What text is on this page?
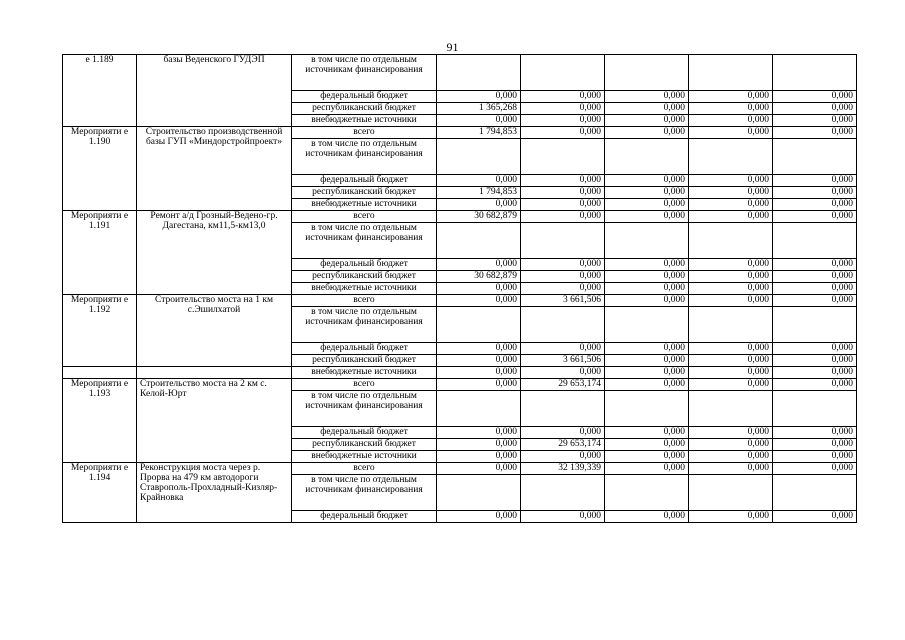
91
е 1.189	базы Веденского ГУДЭП	в том числе по отдельным источникам финансирования					
		федеральный бюджет	0,000	0,000	0,000	0,000	0,000
		республиканский бюджет	1 365,268	0,000	0,000	0,000	0,000
		внебюджетные источники	0,000	0,000	0,000	0,000	0,000
Мероприяти е 1.190	Строительство производственной базы ГУП «Миндорстройпроект»	всего	1 794,853	0,000	0,000	0,000	0,000
		в том числе по отдельным источникам финансирования					
		федеральный бюджет	0,000	0,000	0,000	0,000	0,000
		республиканский бюджет	1 794,853	0,000	0,000	0,000	0,000
		внебюджетные источники	0,000	0,000	0,000	0,000	0,000
Мероприяти е 1.191	Ремонт а/д Грозный-Ведено-гр. Дагестана, км11,5-км13,0	всего	30 682,879	0,000	0,000	0,000	0,000
		в том числе по отдельным источникам финансирования					
		федеральный бюджет	0,000	0,000	0,000	0,000	0,000
		республиканский бюджет	30 682,879	0,000	0,000	0,000	0,000
		внебюджетные источники	0,000	0,000	0,000	0,000	0,000
Мероприяти е 1.192	Строительство моста на 1 км с.Эшилхатой	всего	0,000	3 661,506	0,000	0,000	0,000
		в том числе по отдельным источникам финансирования					
		федеральный бюджет	0,000	0,000	0,000	0,000	0,000
		республиканский бюджет	0,000	3 661,506	0,000	0,000	0,000
		внебюджетные источники	0,000	0,000	0,000	0,000	0,000
Мероприяти е 1.193	Строительство моста на 2 км с. Келой-Юрт	всего	0,000	29 653,174	0,000	0,000	0,000
		в том числе по отдельным источникам финансирования					
		федеральный бюджет	0,000	0,000	0,000	0,000	0,000
		республиканский бюджет	0,000	29 653,174	0,000	0,000	0,000
		внебюджетные источники	0,000	0,000	0,000	0,000	0,000
Мероприяти е 1.194	Реконструкция моста через р. Прорва на 479 км автодороги Ставрополь-Прохладный-Кизляр-Крайновка	всего	0,000	32 139,339	0,000	0,000	0,000
		в том числе по отдельным источникам финансирования					
		федеральный бюджет	0,000	0,000	0,000	0,000	0,000
